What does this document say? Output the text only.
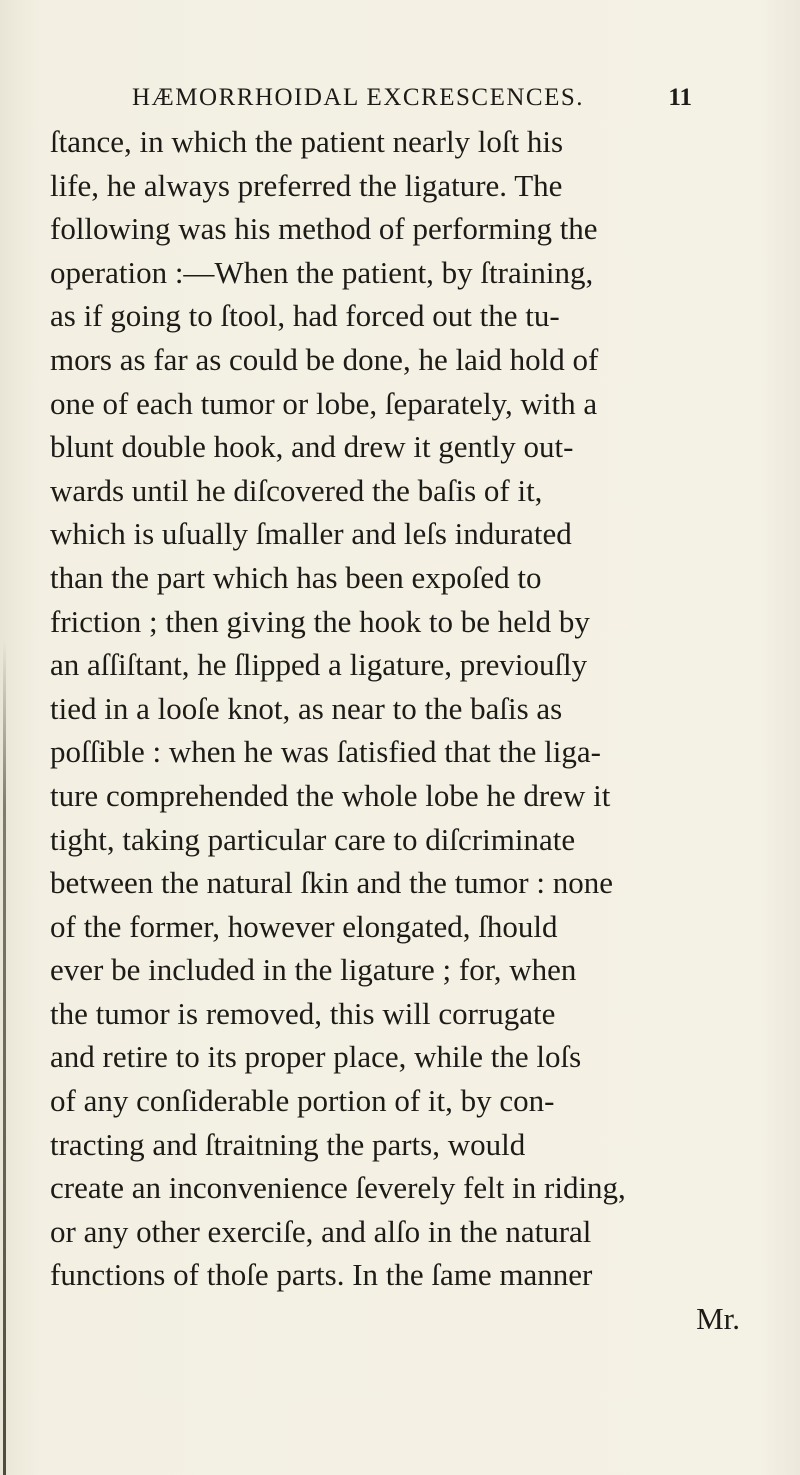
HÆMORRHOIDAL EXCRESCENCES.	11
ſtance, in which the patient nearly loſt his
life, he always preferred the ligature. The
following was his method of performing the
operation :—When the patient, by ſtraining,
as if going to ſtool, had forced out the tu-
mors as far as could be done, he laid hold of
one of each tumor or lobe, ſeparately, with a
blunt double hook, and drew it gently out-
wards until he diſcovered the baſis of it,
which is uſually ſmaller and leſs indurated
than the part which has been expoſed to
friction ; then giving the hook to be held by
an aſſiſtant, he ſlipped a ligature, previouſly
tied in a looſe knot, as near to the baſis as
poſſible : when he was ſatisfied that the liga-
ture comprehended the whole lobe he drew it
tight, taking particular care to diſcriminate
between the natural ſkin and the tumor : none
of the former, however elongated, ſhould
ever be included in the ligature ; for, when
the tumor is removed, this will corrugate
and retire to its proper place, while the loſs
of any conſiderable portion of it, by con-
tracting and ſtraitning the parts, would
create an inconvenience ſeverely felt in riding,
or any other exerciſe, and alſo in the natural
functions of thoſe parts. In the ſame manner
Mr.
